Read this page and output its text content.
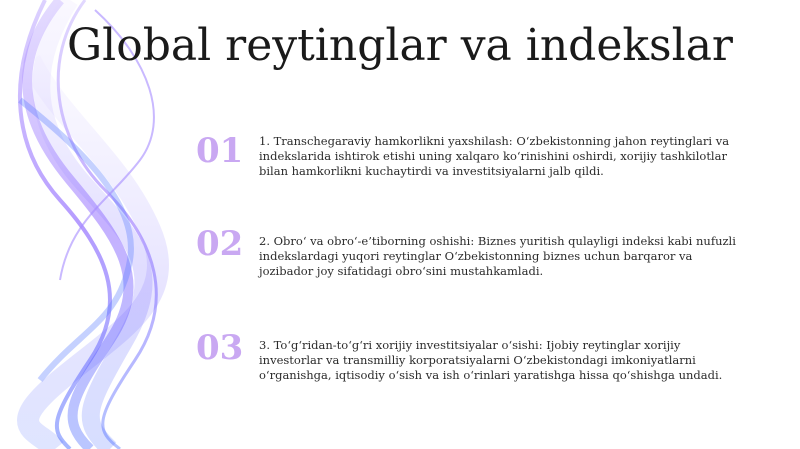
Global reytinglar va indekslar
01	1. Transchegaraviy hamkorlikni yaxshilash: O‘zbekistonning jahon reytinglari va indekslarida ishtirok etishi uning xalqaro ko‘rinishini oshirdi, xorijiy tashkilotlar bilan hamkorlikni kuchaytirdi va investitsiyalarni jalb qildi.
02	2. Obro‘ va obro‘-e’tiborning oshishi: Biznes yuritish qulayligi indeksi kabi nufuzli indekslardagi yuqori reytinglar O‘zbekistonning biznes uchun barqaror va jozibador joy sifatidagi obro‘sini mustahkamladi.
03	3. To‘g‘ridan-to‘g‘ri xorijiy investitsiyalar o‘sishi: Ijobiy reytinglar xorijiy investorlar va transmilliy korporatsiyalarni O‘zbekistondagi imkoniyatlarni o‘rganishga, iqtisodiy o‘sish va ish o‘rinlari yaratishga hissa qo‘shishga undadi.
